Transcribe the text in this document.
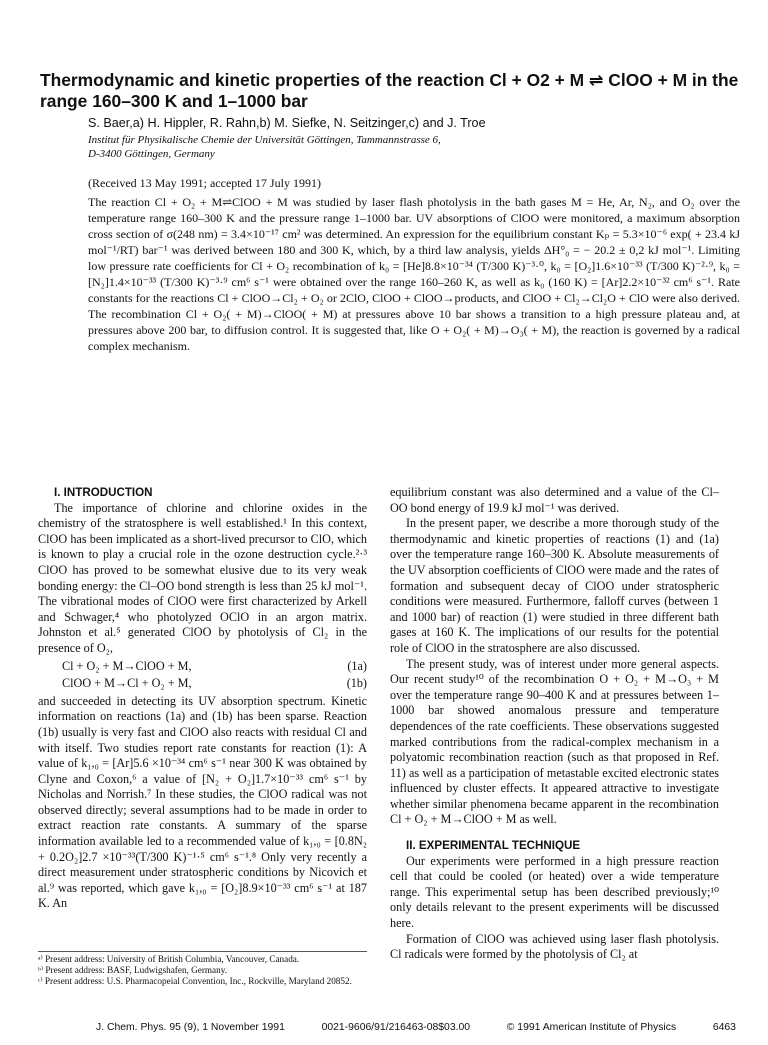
Thermodynamic and kinetic properties of the reaction Cl + O2 + M ⇌ ClOO + M in the range 160–300 K and 1–1000 bar
S. Baer,a) H. Hippler, R. Rahn,b) M. Siefke, N. Seitzinger,c) and J. Troe
Institut für Physikalische Chemie der Universität Göttingen, Tammannstrasse 6,
D-3400 Göttingen, Germany
(Received 13 May 1991; accepted 17 July 1991)

The reaction Cl + O₂ + M⇌ClOO + M was studied by laser flash photolysis in the bath gases M = He, Ar, N₂, and O₂ over the temperature range 160–300 K and the pressure range 1–1000 bar. UV absorptions of ClOO were monitored, a maximum absorption cross section of σ(248 nm) = 3.4×10⁻¹⁷ cm² was determined. An expression for the equilibrium constant Kₚ = 5.3×10⁻⁶ exp( + 23.4 kJ mol⁻¹/RT) bar⁻¹ was derived between 180 and 300 K, which, by a third law analysis, yields ΔH°₀ = − 20.2 ± 0,2 kJ mol⁻¹. Limiting low pressure rate coefficients for Cl + O₂ recombination of k₀ = [He]8.8×10⁻³⁴ (T/300 K)⁻³·⁰, k₀ = [O₂]1.6×10⁻³³ (T/300 K)⁻²·⁹, k₀ = [N₂]1.4×10⁻³³ (T/300 K)⁻³·⁹ cm⁶ s⁻¹ were obtained over the range 160–260 K, as well as k₀ (160 K) = [Ar]2.2×10⁻³² cm⁶ s⁻¹. Rate constants for the reactions Cl + ClOO→Cl₂ + O₂ or 2ClO, ClOO + ClOO→products, and ClOO + Cl₂→Cl₂O + ClO were also derived. The recombination Cl + O₂( + M)→ClOO( + M) at pressures above 10 bar shows a transition to a high pressure plateau and, at pressures above 200 bar, to diffusion control. It is suggested that, like O + O₂( + M)→O₃( + M), the reaction is governed by a radical complex mechanism.

I. INTRODUCTION

The importance of chlorine and chlorine oxides in the chemistry of the stratosphere is well established.¹ In this context, ClOO has been implicated as a short-lived precursor to ClO, which is known to play a crucial role in the ozone destruction cycle.²·³ ClOO has proved to be somewhat elusive due to its very weak bonding energy: the Cl–OO bond strength is less than 25 kJ mol⁻¹. The vibrational modes of ClOO were first characterized by Arkell and Schwager,⁴ who photolyzed OClO in an argon matrix. Johnston et al.⁵ generated ClOO by photolysis of Cl₂ in the presence of O₂,

Cl + O₂ + M→ClOO + M,	(1a)
ClOO + M→Cl + O₂ + M,	(1b)

and succeeded in detecting its UV absorption spectrum. Kinetic information on reactions (1a) and (1b) has been sparse. Reaction (1b) usually is very fast and ClOO also reacts with residual Cl and with itself. Two studies report rate constants for reaction (1): A value of k₁,₀ = [Ar]5.6 ×10⁻³⁴ cm⁶ s⁻¹ near 300 K was obtained by Clyne and Coxon,⁶ a value of [N₂ + O₂]1.7×10⁻³³ cm⁶ s⁻¹ by Nicholas and Norrish.⁷ In these studies, the ClOO radical was not observed directly; several assumptions had to be made in order to extract reaction rate constants. A summary of the sparse information available led to a recommended value of k₁,₀ = [0.8N₂ + 0.2O₂]2.7 ×10⁻³³(T/300 K)⁻¹·⁵ cm⁶ s⁻¹.⁸ Only very recently a direct measurement under stratospheric conditions by Nicovich et al.⁹ was reported, which gave k₁,₀ = [O₂]8.9×10⁻³³ cm⁶ s⁻¹ at 187 K. An

ᵃ⁾ Present address: University of British Columbia, Vancouver, Canada.
ᵇ⁾ Present address: BASF, Ludwigshafen, Germany.
ᶜ⁾ Present address: U.S. Pharmacopeial Convention, Inc., Rockville, Maryland 20852.

equilibrium constant was also determined and a value of the Cl–OO bond energy of 19.9 kJ mol⁻¹ was derived.

In the present paper, we describe a more thorough study of the thermodynamic and kinetic properties of reactions (1) and (1a) over the temperature range 160–300 K. Absolute measurements of the UV absorption coefficients of ClOO were made and the rates of formation and subsequent decay of ClOO under stratospheric conditions were measured. Furthermore, falloff curves (between 1 and 1000 bar) of reaction (1) were studied in three different bath gases at 160 K. The implications of our results for the potential role of ClOO in the stratosphere are also discussed.

The present study, was of interest under more general aspects. Our recent study¹⁰ of the recombination O + O₂ + M→O₃ + M over the temperature range 90–400 K and at pressures between 1–1000 bar showed anomalous pressure and temperature dependences of the rate coefficients. These observations suggested marked contributions from the radical-complex mechanism in a polyatomic recombination reaction (such as that proposed in Ref. 11) as well as a participation of metastable excited electronic states influenced by cluster effects. It appeared attractive to investigate whether similar phenomena became apparent in the recombination Cl + O₂ + M→ClOO + M as well.

II. EXPERIMENTAL TECHNIQUE

Our experiments were performed in a high pressure reaction cell that could be cooled (or heated) over a wide temperature range. This experimental setup has been described previously;¹⁰ only details relevant to the present experiments will be discussed here.

Formation of ClOO was achieved using laser flash photolysis. Cl radicals were formed by the photolysis of Cl₂ at

J. Chem. Phys. 95 (9), 1 November 1991	0021-9606/91/216463-08$03.00	© 1991 American Institute of Physics	6463
